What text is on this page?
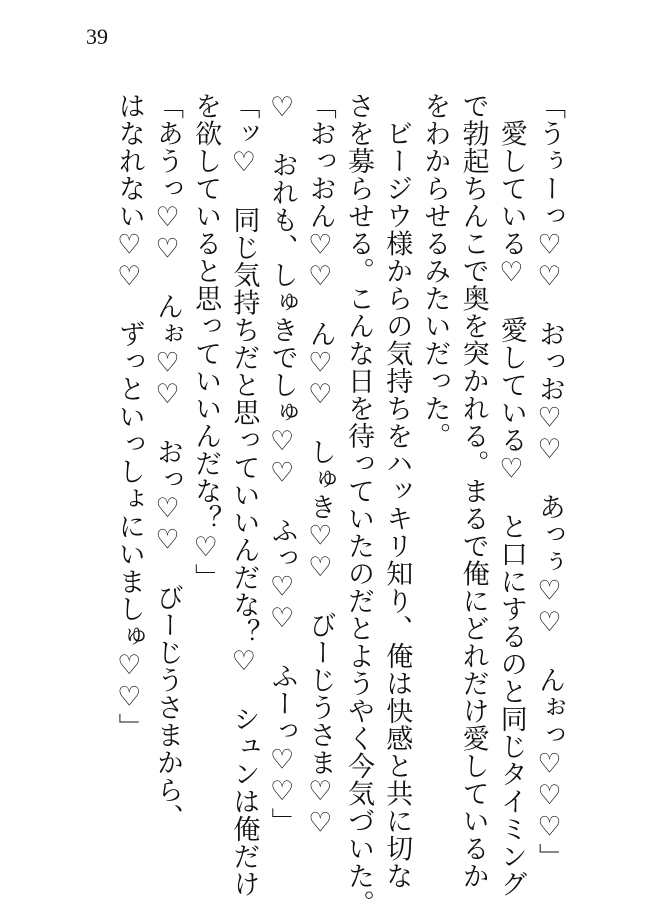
39
「うぅーっ♡♡　おっお♡♡　あっぅ♡♡　んぉっ♡♡♡」
　愛している♡　愛している♡　と口にするのと同じタイミング
で勃起ちんこで奥を突かれる。まるで俺にどれだけ愛しているか
をわからせるみたいだった。
　ビージウ様からの気持ちをハッキリ知り、俺は快感と共に切な
さを募らせる。こんな日を待っていたのだとようやく今気づいた。
「おっおん♡♡　ん♡♡　しゅき♡♡　びーじうさま♡♡
♡　おれも、しゅきでしゅ♡♡　ふっ♡♡　ふーっ♡♡」
「ッ♡　同じ気持ちだと思っていいんだな？♡　シュンは俺だけ
を欲していると思っていいんだな？♡」
「あうっ♡♡　んぉ♡♡　おっ♡♡　びーじうさまから、
はなれない♡♡　ずっといっしょにいましゅ♡♡」
